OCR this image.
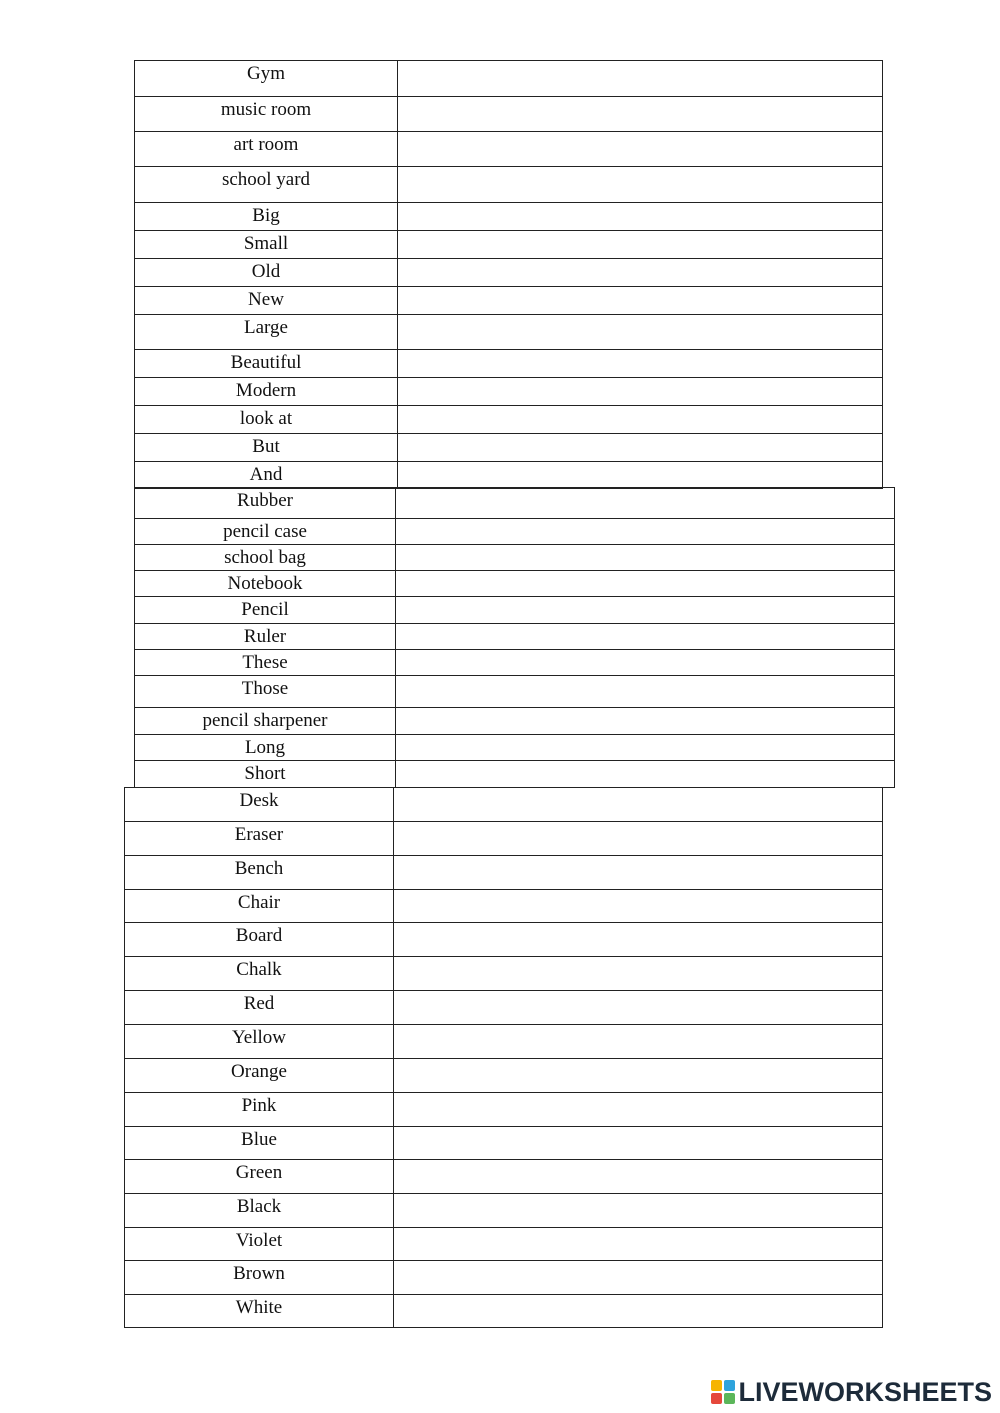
Gym	
music room	
art room	
school yard	
Big	
Small	
Old	
New	
Large	
Beautiful	
Modern	
look at	
But	
And	
Rubber	
pencil case	
school bag	
Notebook	
Pencil	
Ruler	
These	
Those	
pencil sharpener	
Long	
Short	
Desk	
Eraser	
Bench	
Chair	
Board	
Chalk	
Red	
Yellow	
Orange	
Pink	
Blue	
Green	
Black	
Violet	
Brown	
White	
LIVEWORKSHEETS
